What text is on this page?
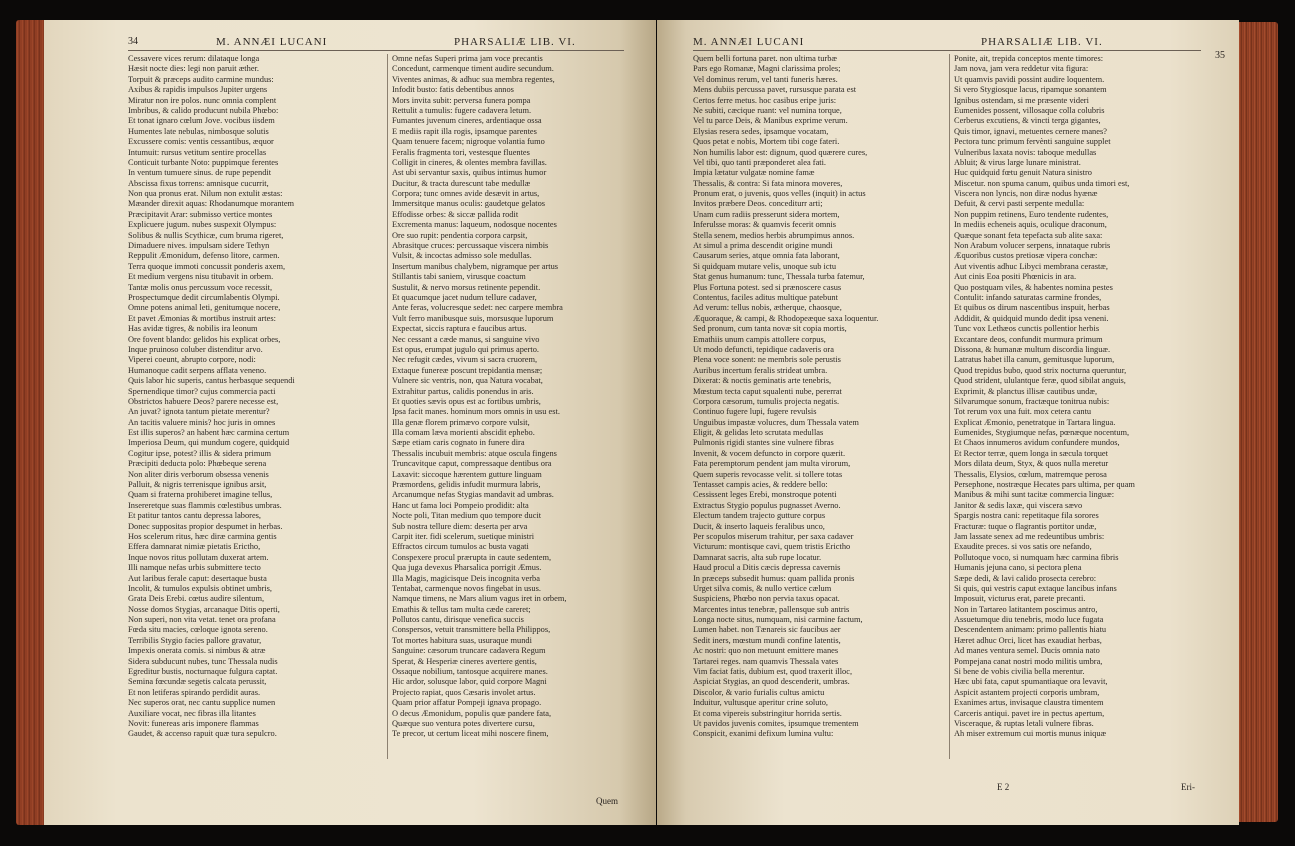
34	M. ANNÆI LUCANI	PHARSALIÆ LIB. VI.
Cessavere vices rerum: dilataque longa
Hæsit nocte dies: legi non paruit æther.
Torpuit & præceps audito carmine mundus:
Axibus & rapidis impulsos Jupiter urgens
Miratur non ire polos. nunc omnia complent
Imbribus, & calido producunt nubila Phœbo:
Et tonat ignaro cœlum Jove. vocibus iisdem
Humentes late nebulas, nimbosque solutis
Excussere comis: ventis cessantibus, æquor
Intumuit: rursus vetitum sentire procellas
Conticuit turbante Noto: puppimque ferentes
In ventum tumuere sinus. de rupe pependit
Abscissa fixus torrens: amnisque cucurrit,
Non qua pronus erat. Nilum non extulit æstas:
Mæander direxit aquas: Rhodanumque morantem
Præcipitavit Arar: submisso vertice montes
Explicuere jugum. nubes suspexit Olympus:
Solibus & nullis Scythicæ, cum bruma rigeret,
Dimaduere nives. impulsam sidere Tethyn
Reppulit Æmonidum, defenso litore, carmen.
Terra quoque immoti concussit ponderis axem,
Et medium vergens nisu titubavit in orbem.
Tantæ molis onus percussum voce recessit,
Prospectumque dedit circumlabentis Olympi.
Omne potens animal leti, genitumque nocere,
Et pavet Æmonias & mortibus instruit artes:
Has avidæ tigres, & nobilis ira leonum
Ore fovent blando: gelidos his explicat orbes,
Inque pruinoso coluber distenditur arvo.
Viperei coeunt, abrupto corpore, nodi:
Humanoque cadit serpens afflata veneno.
Quis labor hic superis, cantus herbasque sequendi
Spernendique timor? cujus commercia pacti
Obstrictos habuere Deos? parere necesse est,
An juvat? ignota tantum pietate merentur?
An tacitis valuere minis? hoc juris in omnes
Est illis superos? an habent hæc carmina certum
Imperiosa Deum, qui mundum cogere, quidquid
Cogitur ipse, potest? illis & sidera primum
Præcipiti deducta polo: Phœbeque serena
Non aliter diris verborum obsessa venenis
Palluit, & nigris terrenisque ignibus arsit,
Quam si fraterna prohiberet imagine tellus,
Insereretque suas flammis cœlestibus umbras.
Et patitur tantos cantu depressa labores,
Donec suppositas propior despumet in herbas.
Hos scelerum ritus, hæc diræ carmina gentis
Effera damnarat nimiæ pietatis Erictho,
Inque novos ritus pollutam duxerat artem.
Illi namque nefas urbis submittere tecto
Aut laribus ferale caput: desertaque busta
Incolit, & tumulos expulsis obtinet umbris,
Grata Deis Erebi. cœtus audire silentum,
Nosse domos Stygias, arcanaque Ditis operti,
Non superi, non vita vetat. tenet ora profana
Fœda situ macies, cœloque ignota sereno.
Terribilis Stygio facies pallore gravatur,
Impexis onerata comis. si nimbus & atræ
Sidera subducunt nubes, tunc Thessala nudis
Egreditur bustis, nocturnaque fulgura captat.
Semina fœcundæ segetis calcata perussit,
Et non letiferas spirando perdidit auras.
Nec superos orat, nec cantu supplice numen
Auxiliare vocat, nec fibras illa litantes
Novit: funereas aris imponere flammas
Gaudet, & accenso rapuit quæ tura sepulcro.
Omne nefas Superi prima jam voce precantis
Concedunt, carmenque timent audire secundum.
Viventes animas, & adhuc sua membra regentes,
Infodit busto: fatis debentibus annos
Mors invita subit: perversa funera pompa
Rettulit a tumulis: fugere cadavera letum.
Fumantes juvenum cineres, ardentiaque ossa
E mediis rapit illa rogis, ipsamque parentes
Quam tenuere facem; nigroque volantia fumo
Feralis fragmenta tori, vestesque fluentes
Colligit in cineres, & olentes membra favillas.
Ast ubi servantur saxis, quibus intimus humor
Ducitur, & tracta durescunt tabe medullæ
Corpora; tunc omnes avide desævit in artus,
Immersitque manus oculis: gaudetque gelatos
Effodisse orbes: & siccæ pallida rodit
Excrementa manus: laqueum, nodosque nocentes
Ore suo rupit: pendentia corpora carpsit,
Abrasitque cruces: percussaque viscera nimbis
Vulsit, & incoctas admisso sole medullas.
Insertum manibus chalybem, nigramque per artus
Stillantis tabi saniem, virusque coactum
Sustulit, & nervo morsus retinente pependit.
Et quacumque jacet nudum tellure cadaver,
Ante feras, volucresque sedet: nec carpere membra
Vult ferro manibusque suis, morsusque luporum
Expectat, siccis raptura e faucibus artus.
Nec cessant a cæde manus, si sanguine vivo
Est opus, erumpat jugulo qui primus aperto.
Nec refugit cædes, vivum si sacra cruorem,
Extaque funereæ poscunt trepidantia mensæ;
Vulnere sic ventris, non, qua Natura vocabat,
Extrahitur partus, calidis ponendus in aris.
Et quoties sævis opus est ac fortibus umbris,
Ipsa facit manes. hominum mors omnis in usu est.
Illa genæ florem primævo corpore vulsit,
Illa comam lævа morienti abscidit ephebo.
Sæpe etiam caris cognato in funere dira
Thessalis incubuit membris: atque oscula fingens
Truncavitque caput, compressaque dentibus ora
Laxavit: siccoque hærentem gutture linguam
Præmordens, gelidis infudit murmura labris,
Arcanumque nefas Stygias mandavit ad umbras.
Hanc ut fama loci Pompeio prodidit: alta
Nocte poli, Titan medium quo tempore ducit
Sub nostra tellure diem: deserta per arva
Carpit iter. fidi scelerum, suetique ministri
Effractos circum tumulos ac busta vagati
Conspexere procul prærupta in caute sedentem,
Qua juga devexus Pharsalica porrigit Æmus.
Illa Magis, magicisque Deis incognita verba
Tentabat, carmenque novos fingebat in usus.
Namque timens, ne Mars alium vagus iret in orbem,
Emathis & tellus tam multa cæde careret;
Pollutos cantu, dirisque venefica succis
Conspersos, vetuit transmittere bella Philippos,
Tot mortes habitura suas, usuraque mundi
Sanguine: cæsorum truncare cadavera Regum
Sperat, & Hesperiæ cineres avertere gentis,
Ossaque nobilium, tantosque acquirere manes.
Hic ardor, solusque labor, quid corpore Magni
Projecto rapiat, quos Cæsaris involet artus.
Quam prior affatur Pompeji ignava propago.
O decus Æmonidum, populis quæ pandere fata,
Quæque suo ventura potes divertere cursu,
Te precor, ut certum liceat mihi noscere finem,
Quem
M. ANNÆI LUCANI	PHARSALIÆ LIB. VI.
35
Quem belli fortuna paret. non ultima turbæ
Pars ego Romanæ, Magni clarissima proles;
Vel dominus rerum, vel tanti funeris hæres.
Mens dubiis percussa pavet, rursusque parata est
Certos ferre metus. hoc casibus eripe juris:
Ne subiti, cæcique ruant: vel numina torque,
Vel tu parce Deis, & Manibus exprime verum.
Elysias resera sedes, ipsamque vocatam,
Quos petat e nobis, Mortem tibi coge fateri.
Non humilis labor est: dignum, quod quærere cures,
Vel tibi, quo tanti præponderet alea fati.
Impia lætatur vulgatæ nomine famæ
Thessalis, & contra: Si fata minora moveres,
Pronum erat, o juvenis, quos velles (inquit) in actus
Invitos præbere Deos. concediturr arti;
Unam cum radiis presserunt sidera mortem,
Inferulsse moras: & quamvis fecerit omnis
Stella senem, medios herbis abrumpimus annos.
At simul a prima descendit origine mundi
Causarum series, atque omnia fata laborant,
Si quidquam mutare velis, unoque sub ictu
Stat genus humanum: tunc, Thessala turba fatemur,
Plus Fortuna potest. sed si prænoscere casus
Contentus, faciles aditus multique patebunt
Ad verum: tellus nobis, ætherque, chaosque,
Æquoraque, & campi, & Rhodopeæque saxa loquentur.
Sed pronum, cum tanta novæ sit copia mortis,
Emathiis unum campis attollere corpus,
Ut modo defuncti, tepidique cadaveris ora
Plena voce sonent: ne membris sole perustis
Auribus incertum feralis strideat umbra.
Dixerat: & noctis geminatis arte tenebris,
Mœstum tecta caput squalenti nube, pererrat
Corpora cæsorum, tumulis projecta negatis.
Continuo fugere lupi, fugere revulsis
Unguibus impastæ volucres, dum Thessala vatem
Eligit, & gelidas leto scrutata medullas
Pulmonis rigidi stantes sine vulnere fibras
Invenit, & vocem defuncto in corpore quærit.
Fata peremptorum pendent jam multa virorum,
Quem superis revocasse velit. si tollere totas
Tentasset campis acies, & reddere bello:
Cessissent leges Erebi, monstroque potenti
Extractus Stygio populus pugnasset Averno.
Electum tandem trajecto gutture corpus
Ducit, & inserto laqueis feralibus unco,
Per scopulos miserum trahitur, per saxa cadaver
Victurum: montisque cavi, quem tristis Erictho
Damnarat sacris, alta sub rupe locatur.
Haud procul a Ditis cæcis depressa cavernis
In præceps subsedit humus: quam pallida pronis
Urget silva comis, & nullo vertice cælum
Suspiciens, Phœbo non pervia taxus opacat.
Marcentes intus tenebræ, pallensque sub antris
Longa nocte situs, numquam, nisi carmine factum,
Lumen habet. non Tænareis sic faucibus aer
Sedit iners, mœstum mundi confine latentis,
Ac nostri: quo non metuunt emittere manes
Tartarei reges. nam quamvis Thessala vates
Vim faciat fatis, dubium est, quod traxerit illoc,
Aspiciat Stygias, an quod descenderit, umbras.
Discolor, & vario furialis cultus amictu
Induitur, vultusque aperitur crine soluto,
Et coma vipereis substringitur horrida sertis.
Ut pavidos juvenis comites, ipsumque trementem
Conspicit, exanimi defixum lumina vultu:
Ponite, ait, trepida conceptos mente timores:
Jam nova, jam vera reddetur vita figura:
Ut quamvis pavidi possint audire loquentem.
Si vero Stygiosque lacus, ripamque sonantem
Ignibus ostendam, si me præsente videri
Eumenides possent, villosaque colla colubris
Cerberus excutiens, & vincti terga gigantes,
Quis timor, ignavi, metuentes cernere manes?
Pectora tunc primum fervènti sanguine supplet
Vulneribus laxata novis: taboque medullas
Abluit; & virus large lunare ministrat.
Huc quidquid fœtu genuit Natura sinistro
Miscetur. non spuma canum, quibus unda timori est,
Viscera non lyncis, non diræ nodus hyænæ
Defuit, & cervi pasti serpente medulla:
Non puppim retinens, Euro tendente rudentes,
In mediis echeneis aquis, oculique draconum,
Quæque sonant feta tepefacta sub alite saxa:
Non Arabum volucer serpens, innataque rubris
Æquoribus custos pretiosæ vipera conchæ:
Aut viventis adhuc Libyci membrana cerastæ,
Aut cinis Eoa positi Phœnicis in ara.
Quo postquam viles, & habentes nomina pestes
Contulit: infando saturatas carmine frondes,
Et quibus os dirum nascentibus inspuit, herbas
Addidit, & quidquid mundo dedit ipsa veneni.
Tunc vox Lethæos cunctis pollentior herbis
Excantare deos, confundit murmura primum
Dissona, & humanæ multum discordia linguæ.
Latratus habet illa canum, gemitusque luporum,
Quod trepidus bubo, quod strix nocturna queruntur,
Quod strident, ululantque feræ, quod sibilat anguis,
Exprimit, & planctus illisæ cautibus undæ,
Silvarumque sonum, fractæque tonitrua nubis:
Tot rerum vox una fuit. mox cetera cantu
Explicat Æmonio, penetratque in Tartara lingua.
Eumenides, Stygiumque nefas, pœnæque nocentum,
Et Chaos innumeros avidum confundere mundos,
Et Rector terræ, quem longa in sæcula torquet
Mors dilata deum, Styx, & quos nulla meretur
Thessalis, Elysios, cœlum, matremque perosa
Persephone, nostræque Hecates pars ultima, per quam
Manibus & mihi sunt tacitæ commercia linguæ:
Janitor & sedis laxæ, qui viscera sævo
Spargis nostra cani: repetitaque fila sorores
Fracturæ: tuque o flagrantis portitor undæ,
Jam lassate senex ad me redeuntibus umbris:
Exaudite preces. si vos satis ore nefando,
Pollutoque voco, si numquam hæc carmina fibris
Humanis jejuna cano, si pectora plena
Sæpe dedi, & lavi calido prosecta cerebro:
Si quis, qui vestris caput extaque lancibus infans
Imposuit, victurus erat, parete precanti.
Non in Tartareo latitantem poscimus antro,
Assuetumque diu tenebris, modo luce fugata
Descendentem animam: primo pallentis hiatu
Hæret adhuc Orci, licet has exaudiat herbas,
Ad manes ventura semel. Ducis omnia nato
Pompejana canat nostri modo militis umbra,
Si bene de vobis civilia bella merentur.
Hæc ubi fata, caput spumantiaque ora levavit,
Aspicit astantem projecti corporis umbram,
Exanimes artus, invisaque claustra timentem
Carceris antiqui. pavet ire in pectus apertum,
Visceraque, & ruptas letali vulnere fibras.
Ah miser extremum cui mortis munus iniquæ
E 2	Eri-
